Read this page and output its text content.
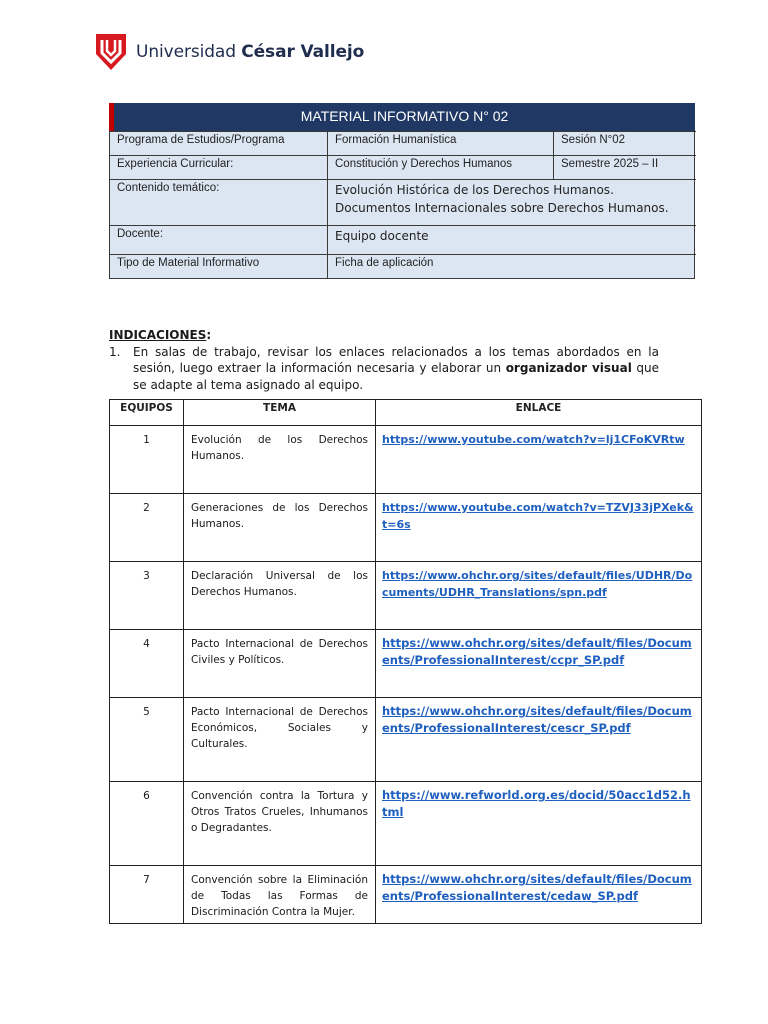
Universidad César Vallejo
MATERIAL INFORMATIVO N° 02
Programa de Estudios/Programa	Formación Humanística	Sesión N°02
Experiencia Curricular:	Constitución y Derechos Humanos	Semestre 2025 – II
Contenido temático:	Evolución Histórica de los Derechos Humanos. Documentos Internacionales sobre Derechos Humanos.
Docente:	Equipo docente
Tipo de Material Informativo	Ficha de aplicación
INDICACIONES:
1.	En salas de trabajo, revisar los enlaces relacionados a los temas abordados en la sesión, luego extraer la información necesaria y elaborar un organizador visual que se adapte al tema asignado al equipo.
EQUIPOS	TEMA	ENLACE
1	Evolución de los Derechos Humanos.	https://www.youtube.com/watch?v=lj1CFoKVRtw
2	Generaciones de los Derechos Humanos.	https://www.youtube.com/watch?v=TZVJ33jPXek&t=6s
3	Declaración Universal de los Derechos Humanos.	https://www.ohchr.org/sites/default/files/UDHR/Documents/UDHR_Translations/spn.pdf
4	Pacto Internacional de Derechos Civiles y Políticos.	https://www.ohchr.org/sites/default/files/Documents/ProfessionalInterest/ccpr_SP.pdf
5	Pacto Internacional de Derechos Económicos, Sociales y Culturales.	https://www.ohchr.org/sites/default/files/Documents/ProfessionalInterest/cescr_SP.pdf
6	Convención contra la Tortura y Otros Tratos Crueles, Inhumanos o Degradantes.	https://www.refworld.org.es/docid/50acc1d52.html
7	Convención sobre la Eliminación de Todas las Formas de Discriminación Contra la Mujer.	https://www.ohchr.org/sites/default/files/Documents/ProfessionalInterest/cedaw_SP.pdf
